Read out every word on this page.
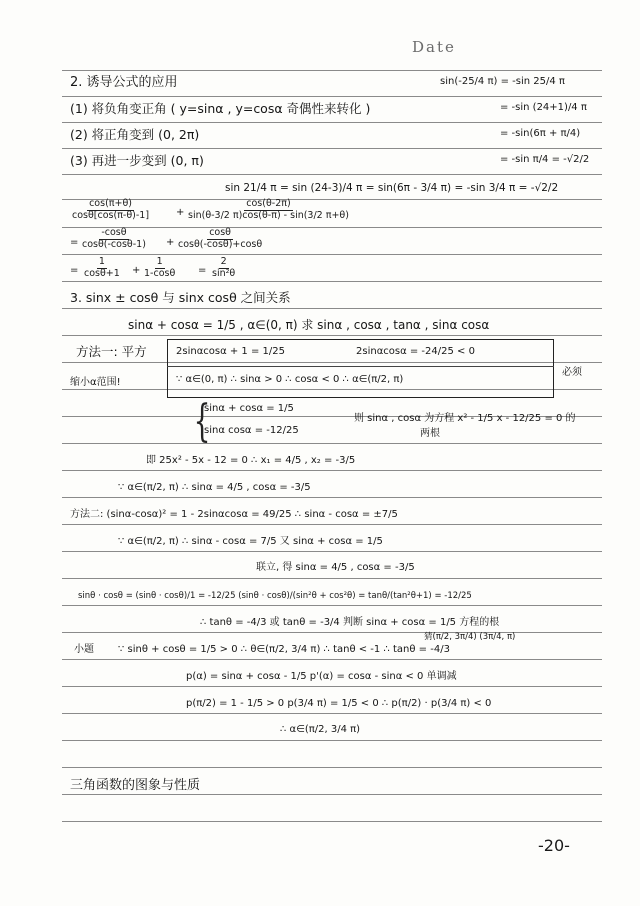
Date
2. 诱导公式的应用
(1) 将负角变正角 ( y=sinα , y=cosα 奇偶性来转化 )
(2) 将正角变到 (0, 2π)
(3) 再进一步变到 (0, π)
sin(-25/4 π) = -sin 25/4 π
= -sin (24+1)/4 π
= -sin(6π + π/4)
= -sin π/4 = -√2/2
sin 21/4 π = sin (24-3)/4 π = sin(6π - 3/4 π) = -sin 3/4 π = -√2/2
$\frac{\cos(\pi+\theta)}{\cos\theta[\cos(\pi-\theta)-1]} + \frac{\cos(\theta-2\pi)}{\sin(\theta-3/2 \pi)\cos(\theta-\pi) - \sin(3/2 \pi+\theta)}$
= $\frac{-\cos\theta}{\cos\theta(-\cos\theta-1)} + \frac{\cos\theta}{\cos\theta(-\cos\theta)+\cos\theta}$
= $\frac{1}{\cos\theta+1} + \frac{1}{1-\cos\theta} = \frac{2}{\text{sin²θ}}$
3. sinx ± cosθ 与 sinx cosθ 之间关系
sinα + cosα = 1/5 , α∈(0, π) 求 sinα , cosα , tanα , sinα cosα
方法一: 平方	2sinαcosα + 1 = 1/25	2sinαcosα = -24/25 < 0
缩小α范围!	∵ α∈(0, π) ∴ sinα > 0 ∴ cosα < 0 ∴ α∈(π/2, π)
必须
{
sinα + cosα = 1/5
sinα cosα = -12/25
则 sinα , cosα 为方程 x² - 1/5 x - 12/25 = 0 的
两根
即 25x² - 5x - 12 = 0 ∴ x₁ = 4/5 , x₂ = -3/5
∵ α∈(π/2, π) ∴ sinα = 4/5 , cosα = -3/5
方法二: (sinα-cosα)² = 1 - 2sinαcosα = 49/25 ∴ sinα - cosα = ±7/5
∵ α∈(π/2, π) ∴ sinα - cosα = 7/5 又 sinα + cosα = 1/5
联立, 得 sinα = 4/5 , cosα = -3/5
sinθ · cosθ = (sinθ · cosθ)/1 = -12/25 (sinθ · cosθ)/(sin²θ + cos²θ) = tanθ/(tan²θ+1) = -12/25
∴ tanθ = -4/3 或 tanθ = -3/4 判断 sinα + cosα = 1/5 方程的根
猜(π/2, 3π/4) (3π/4, π)
小题 ∵ sinθ + cosθ = 1/5 > 0 ∴ θ∈(π/2, 3/4 π) ∴ tanθ < -1 ∴ tanθ = -4/3
p(α) = sinα + cosα - 1/5 p'(α) = cosα - sinα < 0 单调减
p(π/2) = 1 - 1/5 > 0 p(3/4 π) = 1/5 < 0 ∴ p(π/2) · p(3/4 π) < 0
∴ α∈(π/2, 3/4 π)
三角函数的图象与性质
-20-
